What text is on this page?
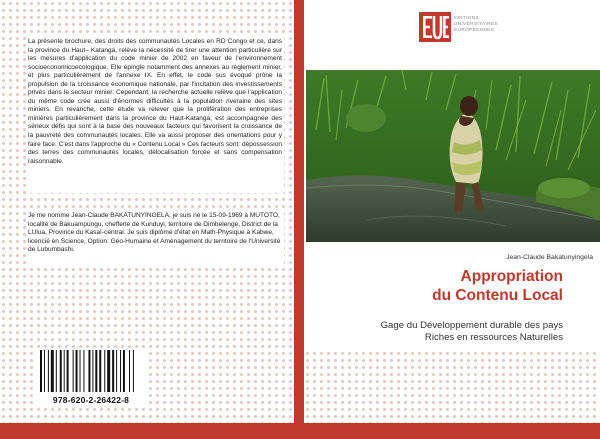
La présente brochure, des droits des communautés Locales en RD Congo et ce, dans la province du Haut– Katanga, relève la nécessité de tirer une attention particulière sur les mesures d'application du code minier de 2002 en faveur de l'environnement socioeconomicoecologique. Elle épingle notamment des annexes au règlement minier, et plus particulièrement de l'annexe IX. En effet, le code sus évoqué prône la propulsion de la croissance économique nationale, par l'incitation des investissements privés dans le secteur minier. Cependant, la recherche actuelle relève que l'application du même code crée aussi d'énormes difficultés à la population riveraine des sites miniers. En revanche, cette étude va relever que la prolifération des entreprises minières particulièrement dans la province du Haut-Katanga, est accompagnée des sérieux défis qui sont à la base des nouveaux facteurs qui favorisent la croissance de la pauvreté des communautés locales. Elle va aussi proposer des orientations pour y faire face. C'est dans l'approche du « Contenu Local » Ces facteurs sont: dépossession des terres des communautés locales, délocalisation forcée et sans compensation raisonnable.
Je me nomme Jean-Claude BAKATUNYINGELA, je suis né le 15-09-1969 à MUTOTO, localité de Bakuampungu, chefferie de Kunduyi, territoire de Dimbelenge, District de la LUlua, Province du Kasaï-central. Je suis diplômé d'état en Math-Physique à Kabwe, licencié en Science, Option: Géo-Humaine et Aménagement du territoire de l'Université de Lubumbashi.
978-620-2-26422-8
EDITIONS
UNIVERSITAIRES
EUROPEENNES
Jean-Claude Bakatunyingela
Appropriation
du Contenu Local
Gage du Développement durable des pays
Riches en ressources Naturelles
